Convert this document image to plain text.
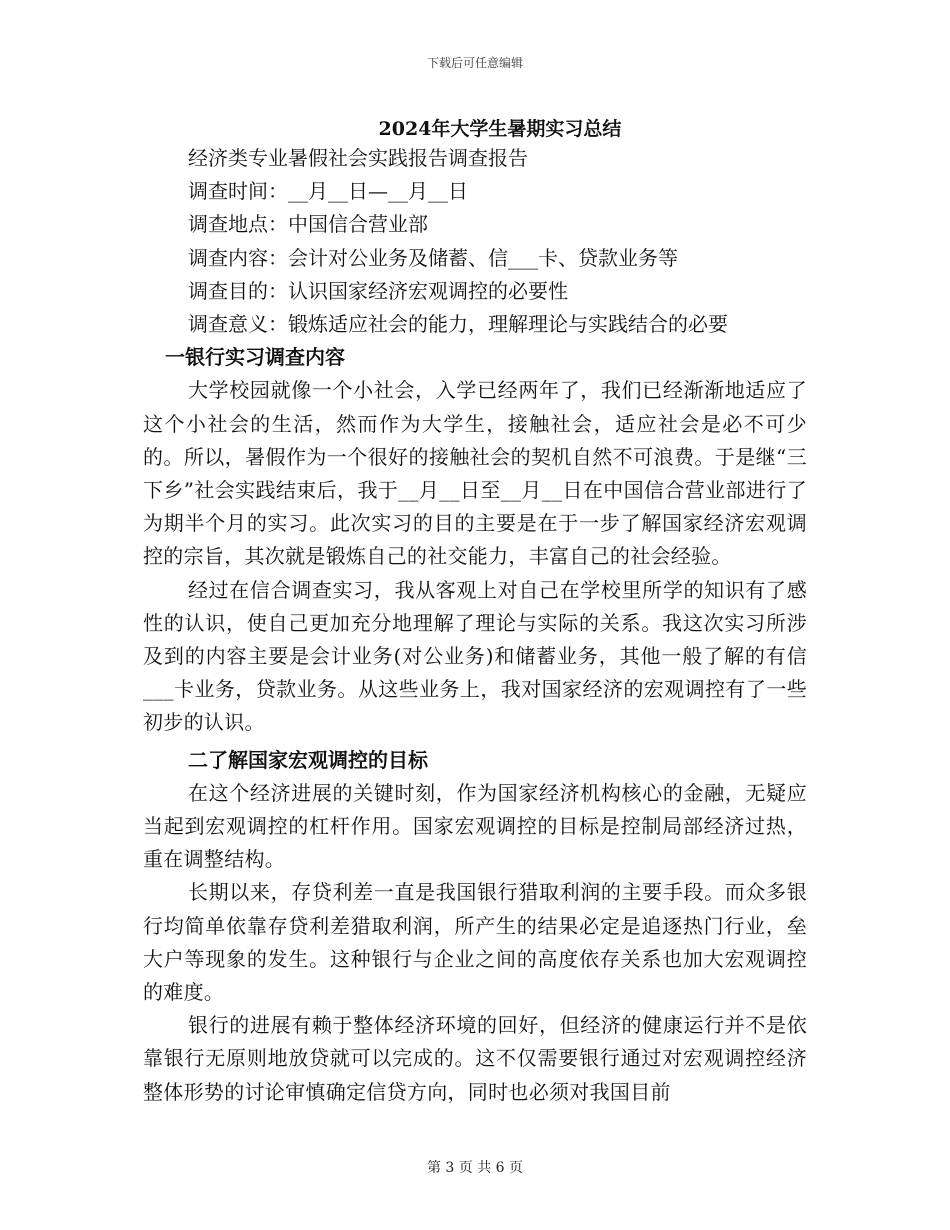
下载后可任意编辑
2024年大学生暑期实习总结
经济类专业暑假社会实践报告调查报告
调查时间：__月__日—__月__日
调查地点：中国信合营业部
调查内容：会计对公业务及储蓄、信___卡、贷款业务等
调查目的：认识国家经济宏观调控的必要性
调查意义：锻炼适应社会的能力，理解理论与实践结合的必要
一银行实习调查内容

大学校园就像一个小社会，入学已经两年了，我们已经渐渐地适应了这个小社会的生活，然而作为大学生，接触社会，适应社会是必不可少的。所以，暑假作为一个很好的接触社会的契机自然不可浪费。于是继“三下乡”社会实践结束后，我于__月__日至__月__日在中国信合营业部进行了为期半个月的实习。此次实习的目的主要是在于一步了解国家经济宏观调控的宗旨，其次就是锻炼自己的社交能力，丰富自己的社会经验。

经过在信合调查实习，我从客观上对自己在学校里所学的知识有了感性的认识，使自己更加充分地理解了理论与实际的关系。我这次实习所涉及到的内容主要是会计业务(对公业务)和储蓄业务，其他一般了解的有信___卡业务，贷款业务。从这些业务上，我对国家经济的宏观调控有了一些初步的认识。

二了解国家宏观调控的目标

在这个经济进展的关键时刻，作为国家经济机构核心的金融，无疑应当起到宏观调控的杠杆作用。国家宏观调控的目标是控制局部经济过热，重在调整结构。

长期以来，存贷利差一直是我国银行猎取利润的主要手段。而众多银行均简单依靠存贷利差猎取利润，所产生的结果必定是追逐热门行业，垒大户等现象的发生。这种银行与企业之间的高度依存关系也加大宏观调控的难度。

银行的进展有赖于整体经济环境的回好，但经济的健康运行并不是依靠银行无原则地放贷就可以完成的。这不仅需要银行通过对宏观调控经济整体形势的讨论审慎确定信贷方向，同时也必须对我国目前

第 3 页 共 6 页
